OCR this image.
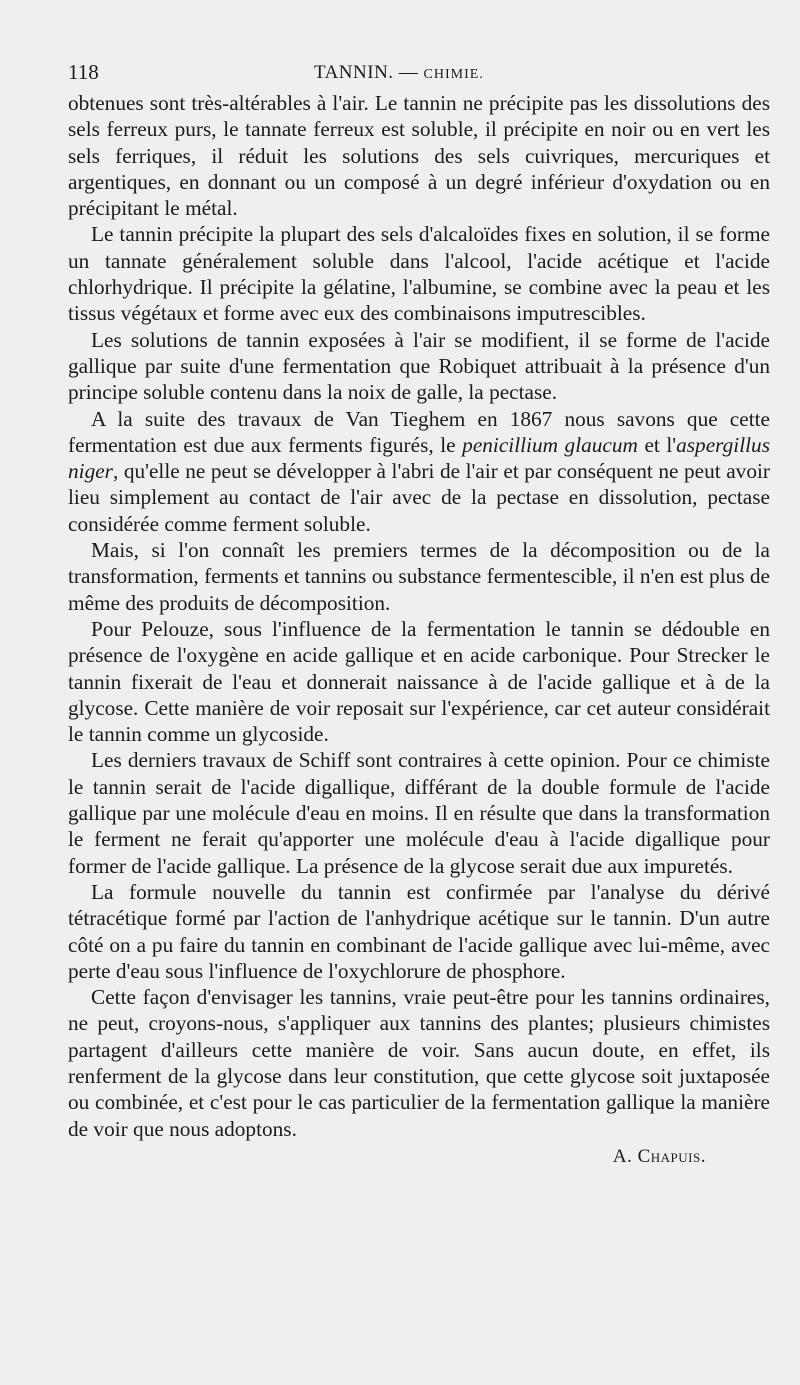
118	TANNIN. — CHIMIE.

obtenues sont très-altérables à l'air. Le tannin ne précipite pas les dissolutions des sels ferreux purs, le tannate ferreux est soluble, il précipite en noir ou en vert les sels ferriques, il réduit les solutions des sels cuivriques, mercuriques et argentiques, en donnant ou un composé à un degré inférieur d'oxydation ou en précipitant le métal.

Le tannin précipite la plupart des sels d'alcaloïdes fixes en solution, il se forme un tannate généralement soluble dans l'alcool, l'acide acétique et l'acide chlorhydrique. Il précipite la gélatine, l'albumine, se combine avec la peau et les tissus végétaux et forme avec eux des combinaisons imputrescibles.

Les solutions de tannin exposées à l'air se modifient, il se forme de l'acide gallique par suite d'une fermentation que Robiquet attribuait à la présence d'un principe soluble contenu dans la noix de galle, la pectase.

A la suite des travaux de Van Tieghem en 1867 nous savons que cette fermentation est due aux ferments figurés, le penicillium glaucum et l'aspergillus niger, qu'elle ne peut se développer à l'abri de l'air et par conséquent ne peut avoir lieu simplement au contact de l'air avec de la pectase en dissolution, pectase considérée comme ferment soluble.

Mais, si l'on connaît les premiers termes de la décomposition ou de la transformation, ferments et tannins ou substance fermentescible, il n'en est plus de même des produits de décomposition.

Pour Pelouze, sous l'influence de la fermentation le tannin se dédouble en présence de l'oxygène en acide gallique et en acide carbonique. Pour Strecker le tannin fixerait de l'eau et donnerait naissance à de l'acide gallique et à de la glycose. Cette manière de voir reposait sur l'expérience, car cet auteur considérait le tannin comme un glycoside.

Les derniers travaux de Schiff sont contraires à cette opinion. Pour ce chimiste le tannin serait de l'acide digallique, différant de la double formule de l'acide gallique par une molécule d'eau en moins. Il en résulte que dans la transformation le ferment ne ferait qu'apporter une molécule d'eau à l'acide digallique pour former de l'acide gallique. La présence de la glycose serait due aux impuretés.

La formule nouvelle du tannin est confirmée par l'analyse du dérivé tétracétique formé par l'action de l'anhydrique acétique sur le tannin. D'un autre côté on a pu faire du tannin en combinant de l'acide gallique avec lui-même, avec perte d'eau sous l'influence de l'oxychlorure de phosphore.

Cette façon d'envisager les tannins, vraie peut-être pour les tannins ordinaires, ne peut, croyons-nous, s'appliquer aux tannins des plantes; plusieurs chimistes partagent d'ailleurs cette manière de voir. Sans aucun doute, en effet, ils renferment de la glycose dans leur constitution, que cette glycose soit juxtaposée ou combinée, et c'est pour le cas particulier de la fermentation gallique la manière de voir que nous adoptons.

A. Chapuis.
